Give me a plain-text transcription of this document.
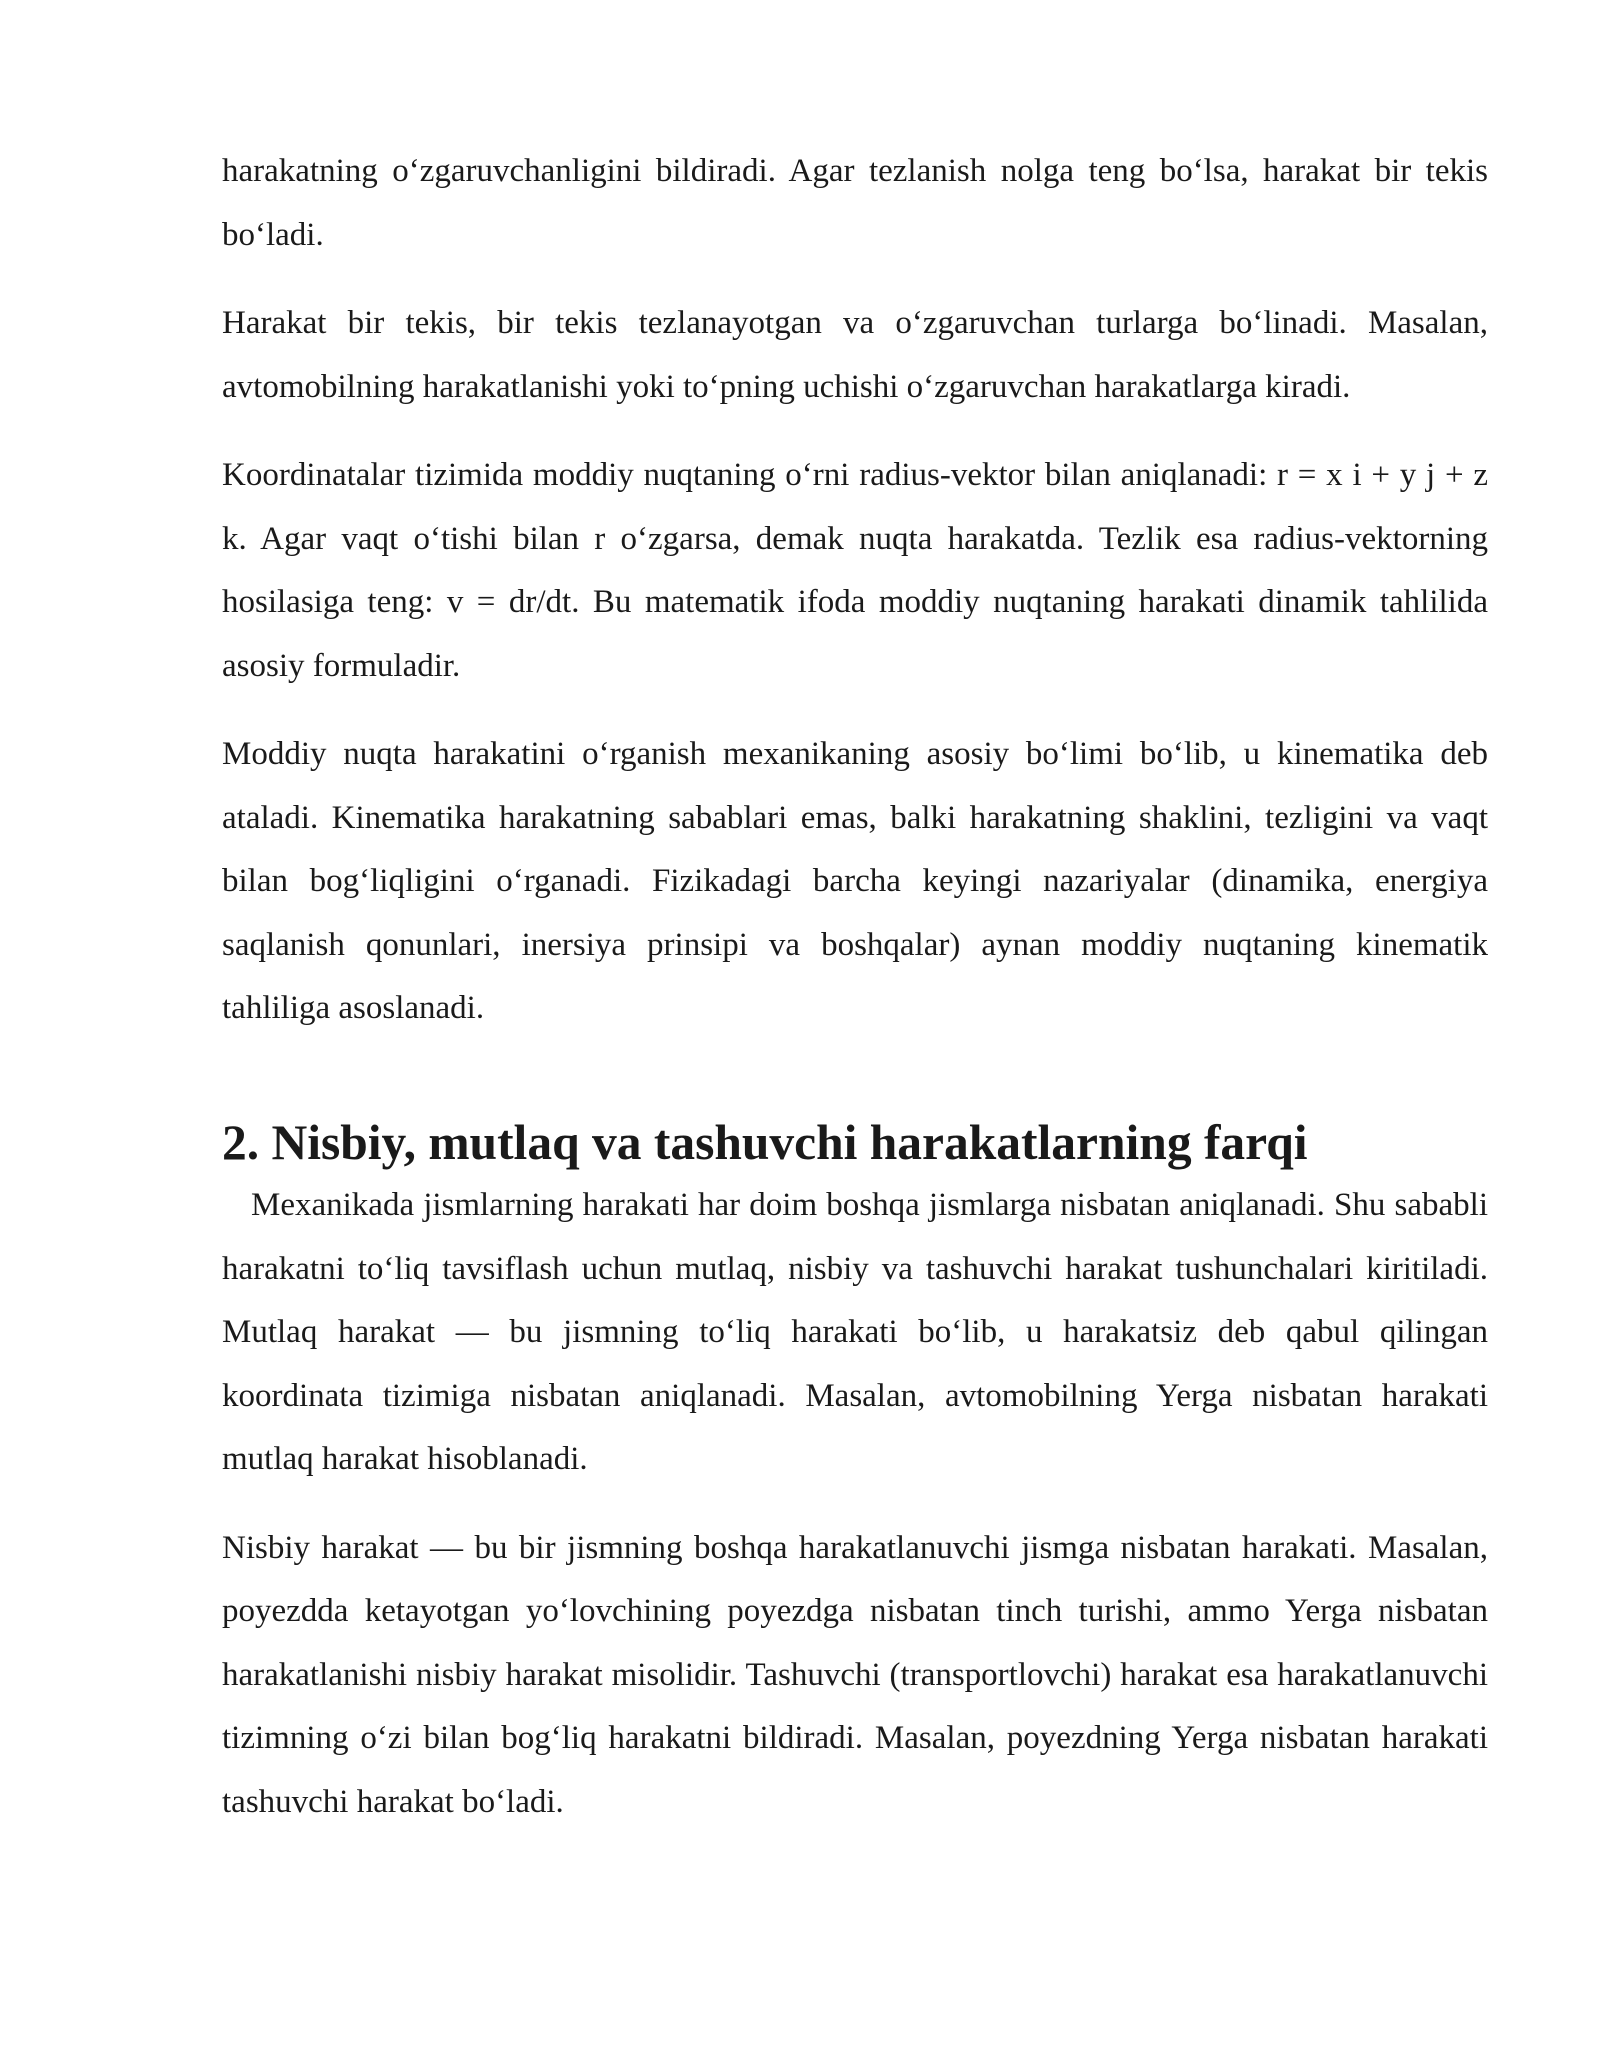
harakatning o‘zgaruvchanligini bildiradi. Agar tezlanish nolga teng bo‘lsa, harakat bir tekis bo‘ladi.

Harakat bir tekis, bir tekis tezlanayotgan va o‘zgaruvchan turlarga bo‘linadi. Masalan, avtomobilning harakatlanishi yoki to‘pning uchishi o‘zgaruvchan harakatlarga kiradi.

Koordinatalar tizimida moddiy nuqtaning o‘rni radius-vektor bilan aniqlanadi: r = x i + y j + z k. Agar vaqt o‘tishi bilan r o‘zgarsa, demak nuqta harakatda. Tezlik esa radius-vektorning hosilasiga teng: v = dr/dt. Bu matematik ifoda moddiy nuqtaning harakati dinamik tahlilida asosiy formuladir.

Moddiy nuqta harakatini o‘rganish mexanikaning asosiy bo‘limi bo‘lib, u kinematika deb ataladi. Kinematika harakatning sabablari emas, balki harakatning shaklini, tezligini va vaqt bilan bog‘liqligini o‘rganadi. Fizikadagi barcha keyingi nazariyalar (dinamika, energiya saqlanish qonunlari, inersiya prinsipi va boshqalar) aynan moddiy nuqtaning kinematik tahliliga asoslanadi.

2. Nisbiy, mutlaq va tashuvchi harakatlarning farqi

Mexanikada jismlarning harakati har doim boshqa jismlarga nisbatan aniqlanadi. Shu sababli harakatni to‘liq tavsiflash uchun mutlaq, nisbiy va tashuvchi harakat tushunchalari kiritiladi. Mutlaq harakat — bu jismning to‘liq harakati bo‘lib, u harakatsiz deb qabul qilingan koordinata tizimiga nisbatan aniqlanadi. Masalan, avtomobilning Yerga nisbatan harakati mutlaq harakat hisoblanadi.

Nisbiy harakat — bu bir jismning boshqa harakatlanuvchi jismga nisbatan harakati. Masalan, poyezdda ketayotgan yo‘lovchining poyezdga nisbatan tinch turishi, ammo Yerga nisbatan harakatlanishi nisbiy harakat misolidir. Tashuvchi (transportlovchi) harakat esa harakatlanuvchi tizimning o‘zi bilan bog‘liq harakatni bildiradi. Masalan, poyezdning Yerga nisbatan harakati tashuvchi harakat bo‘ladi.
